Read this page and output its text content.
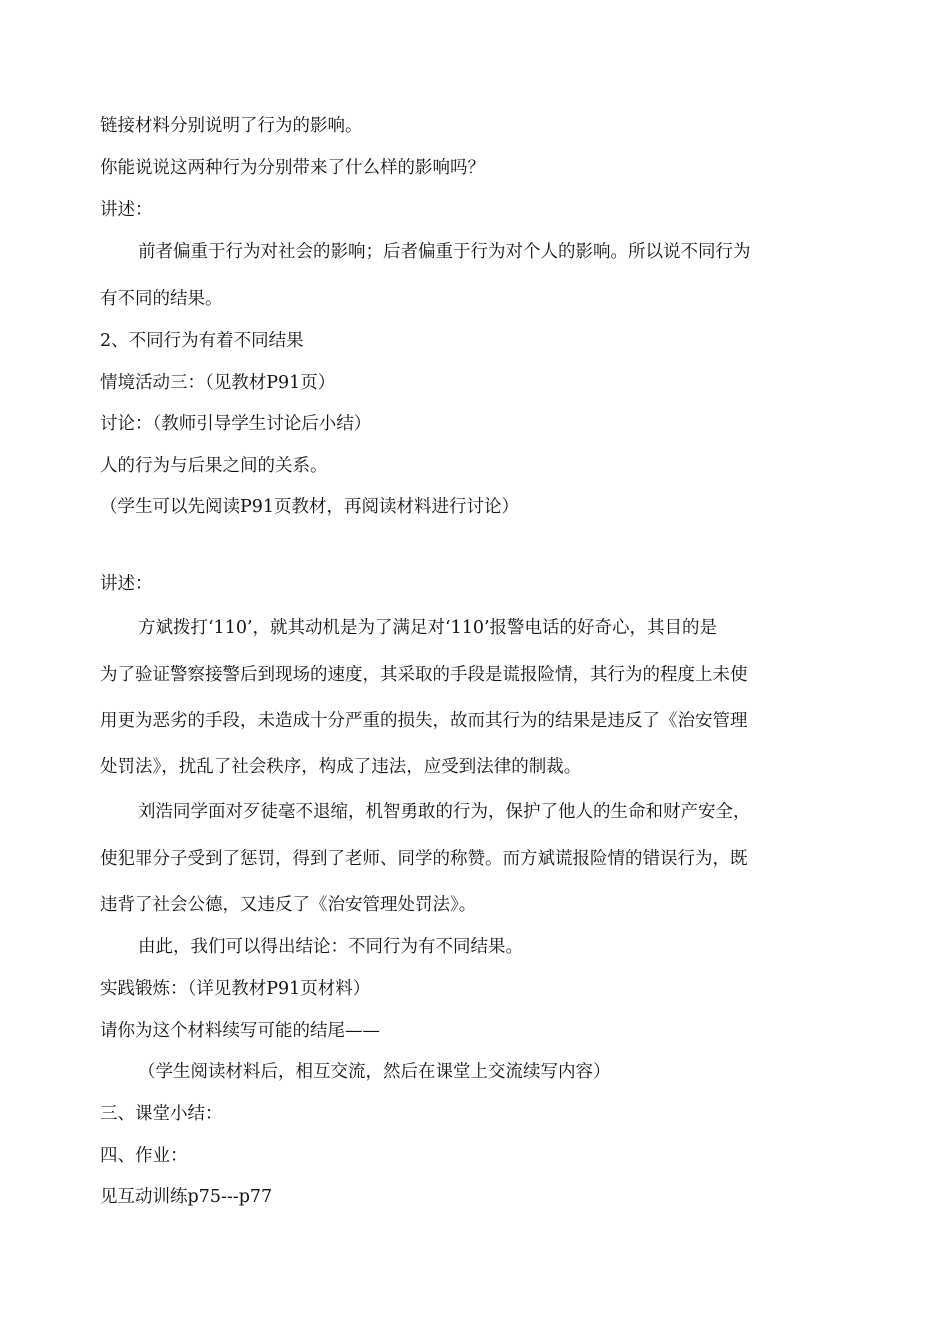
链接材料分别说明了行为的影响。
你能说说这两种行为分别带来了什么样的影响吗？
讲述：
前者偏重于行为对社会的影响；后者偏重于行为对个人的影响。所以说不同行为
有不同的结果。
2、不同行为有着不同结果
情境活动三：（见教材P91页）
讨论：（教师引导学生讨论后小结）
人的行为与后果之间的关系。
（学生可以先阅读P91页教材，再阅读材料进行讨论）
讲述：
方斌拨打‘110’，就其动机是为了满足对‘110’报警电话的好奇心，其目的是
为了验证警察接警后到现场的速度，其采取的手段是谎报险情，其行为的程度上未使
用更为恶劣的手段，未造成十分严重的损失，故而其行为的结果是违反了《治安管理
处罚法》，扰乱了社会秩序，构成了违法，应受到法律的制裁。
刘浩同学面对歹徒毫不退缩，机智勇敢的行为，保护了他人的生命和财产安全，
使犯罪分子受到了惩罚，得到了老师、同学的称赞。而方斌谎报险情的错误行为，既
违背了社会公德，又违反了《治安管理处罚法》。
由此，我们可以得出结论：不同行为有不同结果。
实践锻炼：（详见教材P91页材料）
请你为这个材料续写可能的结尾——
（学生阅读材料后，相互交流，然后在课堂上交流续写内容）
三、课堂小结：
四、作业：
见互动训练p75---p77
